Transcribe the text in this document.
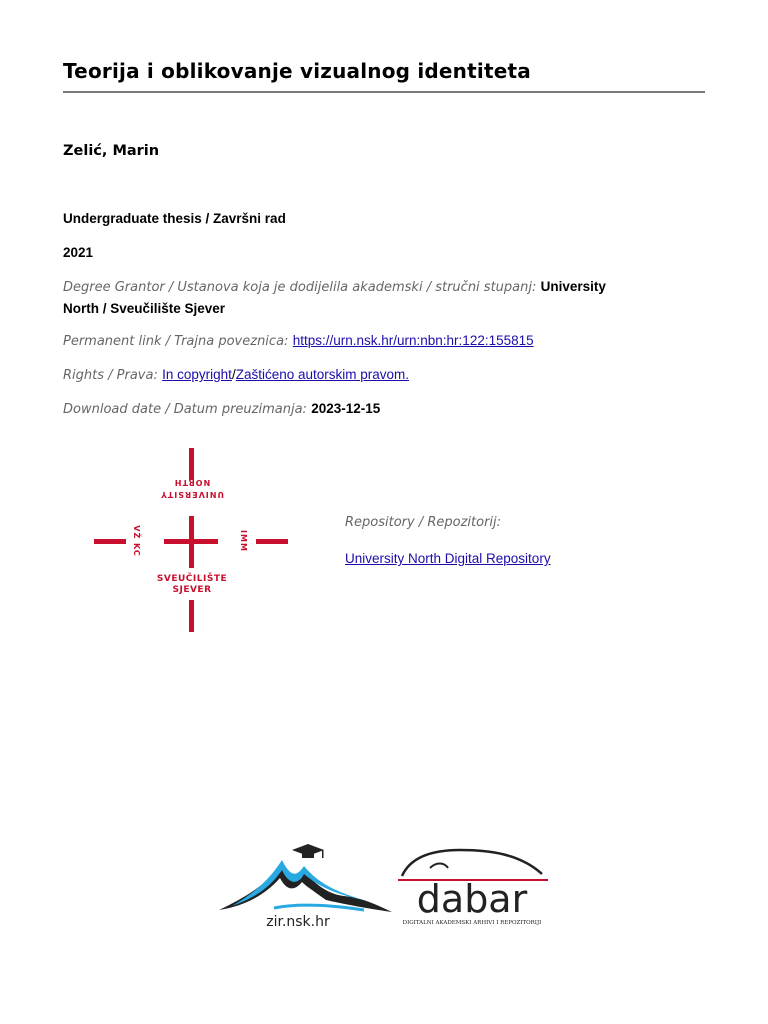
Teorija i oblikovanje vizualnog identiteta
Zelić, Marin
Undergraduate thesis / Završni rad
2021
Degree Grantor / Ustanova koja je dodijelila akademski / stručni stupanj: University
North / Sveučilište Sjever
Permanent link / Trajna poveznica: https://urn.nsk.hr/urn:nbn:hr:122:155815
Rights / Prava: In copyright/Zaštićeno autorskim pravom.
Download date / Datum preuzimanja: 2023-12-15
UNIVERSITY
NORTH
VŽ KC	IMM
SVEUČILIŠTE
SJEVER
Repository / Repozitorij:
University North Digital Repository
zir.nsk.hr
dabar
DIGITALNI AKADEMSKI ARHIVI I REPOZITORIJI
